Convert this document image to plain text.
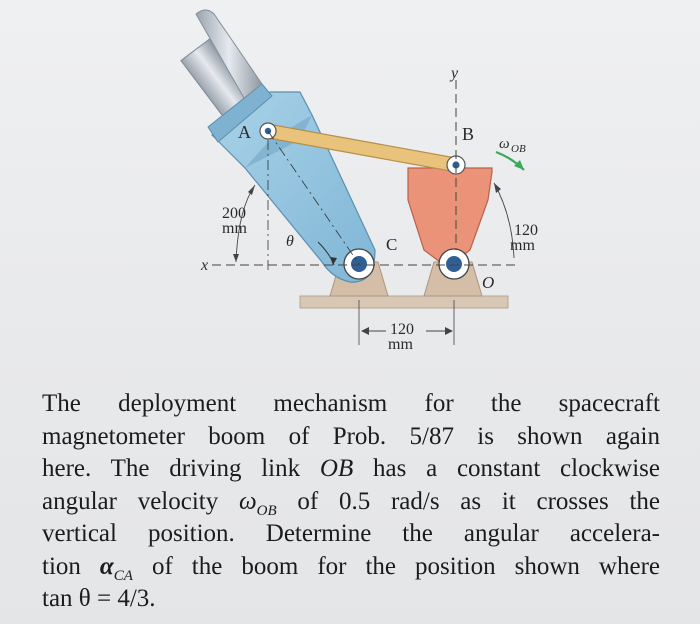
A	B
C
O
x
y
θ
ω OB
200
mm	120
mm
120
mm
The deployment mechanism for the spacecraft
magnetometer boom of Prob. 5/87 is shown again
here. The driving link OB has a constant clockwise
angular velocity $\omega_{OB}$ of 0.5 rad/s as it crosses the
vertical position. Determine the angular accelera-
tion $\alpha_{CA}$ of the boom for the position shown where
tan θ = 4/3.
